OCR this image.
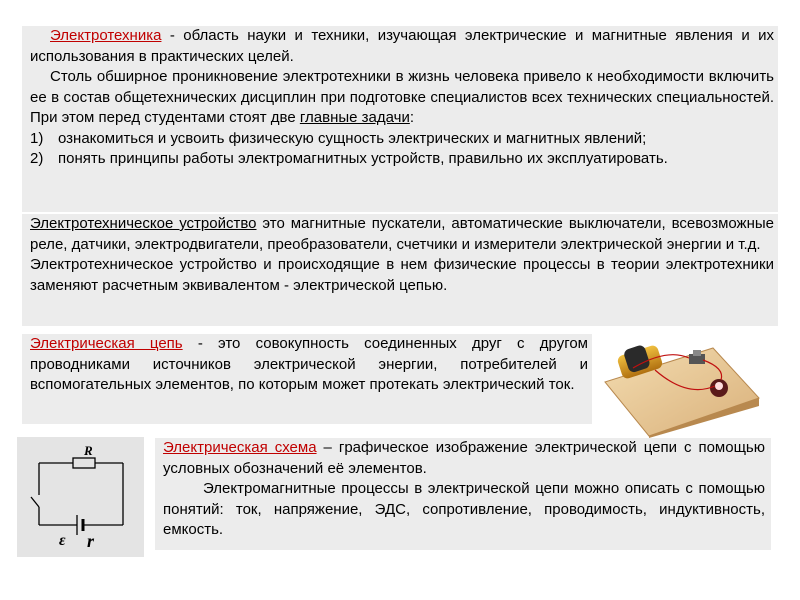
Электротехника - область науки и техники, изучающая электрические и магнитные явления и их использования в практических целей.

Столь обширное проникновение электротехники в жизнь человека привело к необходимости включить ее в состав общетехнических дисциплин при подготовке специалистов всех технических специальностей. При этом перед студентами стоят две главные задачи:

1) ознакомиться и усвоить физическую сущность электрических и магнитных явлений;
2) понять принципы работы электромагнитных устройств, правильно их эксплуатировать.

Электротехническое устройство это магнитные пускатели, автоматические выключатели, всевозможные реле, датчики, электродвигатели, преобразователи, счетчики и измерители электрической энергии и т.д.

Электротехническое устройство и происходящие в нем физические процессы в теории электротехники заменяют расчетным эквивалентом - электрической цепью.

Электрическая цепь - это совокупность соединенных друг с другом проводниками источников электрической энергии, потребителей и вспомогательных элементов, по которым может протекать электрический ток.

R
ε r

Электрическая схема – графическое изображение электрической цепи с помощью условных обозначений её элементов.

Электромагнитные процессы в электрической цепи можно описать с помощью понятий: ток, напряжение, ЭДС, сопротивление, проводимость, индуктивность, емкость.
